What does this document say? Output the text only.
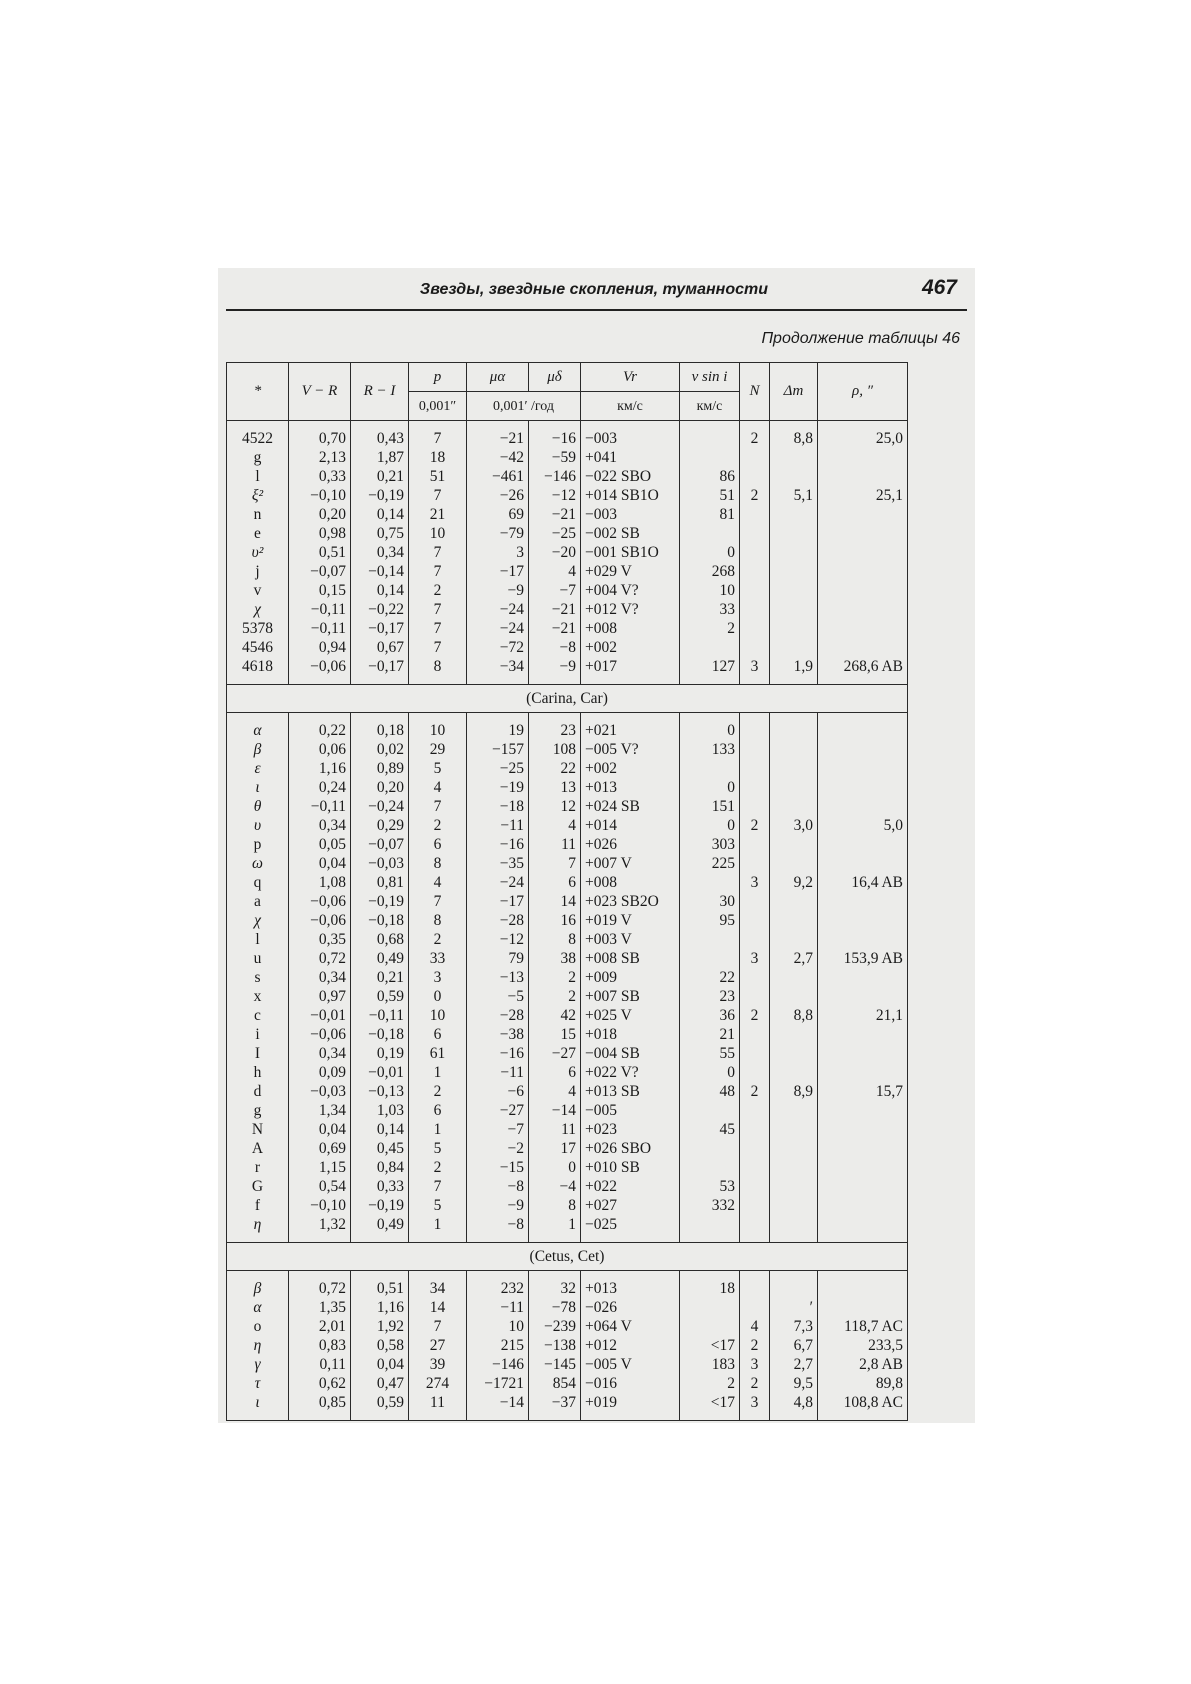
Звезды, звездные скопления, туманности	467
Продолжение таблицы 46
*	V − R	R − I	p	μα	μδ	Vr	v sin i	N	Δm	ρ, ″
			0,001″	0,001′ /год		км/с	км/с			
4522	0,70	0,43	7	−21	−16	−003		2	8,8	25,0
g	2,13	1,87	18	−42	−59	+041				
l	0,33	0,21	51	−461	−146	−022 SBO	86			
ξ²	−0,10	−0,19	7	−26	−12	+014 SB1O	51	2	5,1	25,1
n	0,20	0,14	21	69	−21	−003	81			
e	0,98	0,75	10	−79	−25	−002 SB				
υ²	0,51	0,34	7	3	−20	−001 SB1O	0			
j	−0,07	−0,14	7	−17	4	+029 V	268			
v	0,15	0,14	2	−9	−7	+004 V?	10			
χ	−0,11	−0,22	7	−24	−21	+012 V?	33			
5378	−0,11	−0,17	7	−24	−21	+008	2			
4546	0,94	0,67	7	−72	−8	+002				
4618	−0,06	−0,17	8	−34	−9	+017	127	3	1,9	268,6 AB
(Carina, Car)										
α	0,22	0,18	10	19	23	+021	0			
β	0,06	0,02	29	−157	108	−005 V?	133			
ε	1,16	0,89	5	−25	22	+002				
ι	0,24	0,20	4	−19	13	+013	0			
θ	−0,11	−0,24	7	−18	12	+024 SB	151			
υ	0,34	0,29	2	−11	4	+014	0	2	3,0	5,0
p	0,05	−0,07	6	−16	11	+026	303			
ω	0,04	−0,03	8	−35	7	+007 V	225			
q	1,08	0,81	4	−24	6	+008		3	9,2	16,4 AB
a	−0,06	−0,19	7	−17	14	+023 SB2O	30			
χ	−0,06	−0,18	8	−28	16	+019 V	95			
l	0,35	0,68	2	−12	8	+003 V				
u	0,72	0,49	33	79	38	+008 SB		3	2,7	153,9 AB
s	0,34	0,21	3	−13	2	+009	22			
x	0,97	0,59	0	−5	2	+007 SB	23			
c	−0,01	−0,11	10	−28	42	+025 V	36	2	8,8	21,1
i	−0,06	−0,18	6	−38	15	+018	21			
I	0,34	0,19	61	−16	−27	−004 SB	55			
h	0,09	−0,01	1	−11	6	+022 V?	0			
d	−0,03	−0,13	2	−6	4	+013 SB	48	2	8,9	15,7
g	1,34	1,03	6	−27	−14	−005				
N	0,04	0,14	1	−7	11	+023	45			
A	0,69	0,45	5	−2	17	+026 SBO				
r	1,15	0,84	2	−15	0	+010 SB				
G	0,54	0,33	7	−8	−4	+022	53			
f	−0,10	−0,19	5	−9	8	+027	332			
η	1,32	0,49	1	−8	1	−025				
(Cetus, Cet)										
β	0,72	0,51	34	232	32	+013	18			
α	1,35	1,16	14	−11	−78	−026			′	
o	2,01	1,92	7	10	−239	+064 V		4	7,3	118,7 AC
η	0,83	0,58	27	215	−138	+012	<17	2	6,7	233,5
γ	0,11	0,04	39	−146	−145	−005 V	183	3	2,7	2,8 AB
τ	0,62	0,47	274	−1721	854	−016	2	2	9,5	89,8
ι	0,85	0,59	11	−14	−37	+019	<17	3	4,8	108,8 AC
